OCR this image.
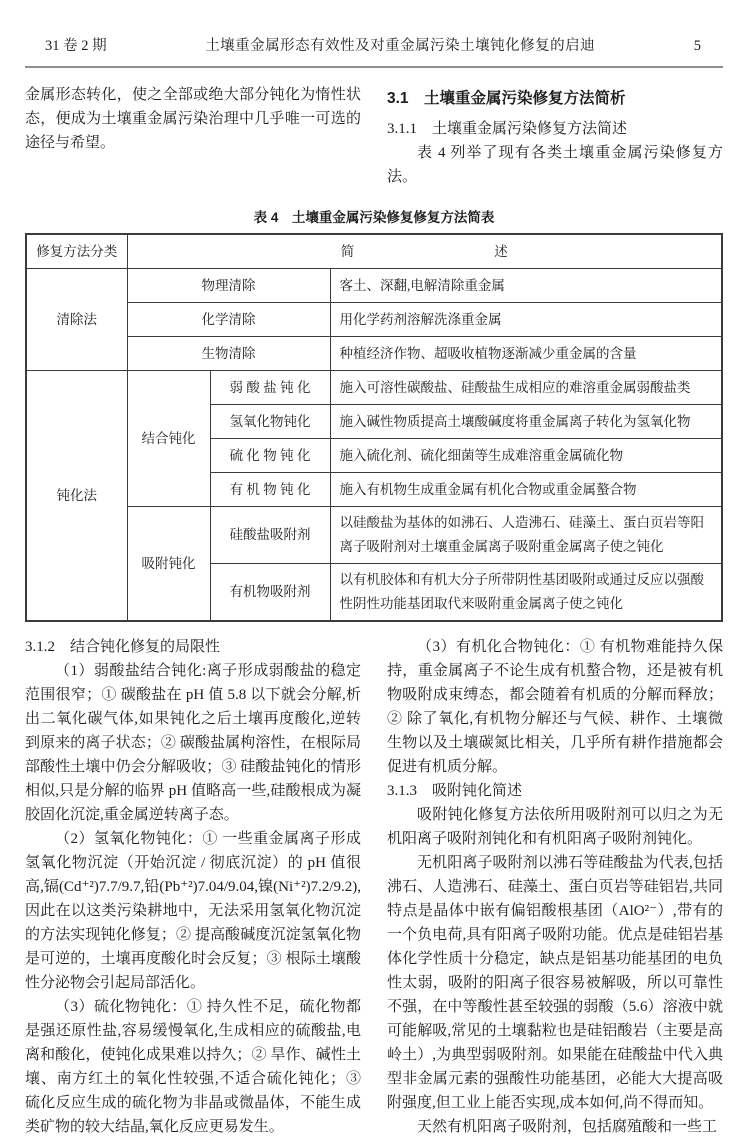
31 卷 2 期	土壤重金属形态有效性及对重金属污染土壤钝化修复的启迪	5

金属形态转化，使之全部或绝大部分钝化为惰性状态，便成为土壤重金属污染治理中几乎唯一可选的途径与希望。

3.1　土壤重金属污染修复方法简析
3.1.1　土壤重金属污染修复方法简述

表 4 列举了现有各类土壤重金属污染修复方法。

表 4　土壤重金属污染修复修复方法简表
修复方法分类	简 述		

清除法	物理清除		客土、深翻,电解清除重金属
	化学清除		用化学药剂溶解洗涤重金属
	生物清除		种植经济作物、超吸收植物逐渐减少重金属的含量
钝化法	结合钝化	弱 酸 盐 钝 化	施入可溶性碳酸盐、硅酸盐生成相应的难溶重金属弱酸盐类
		氢氧化物钝化	施入碱性物质提高土壤酸碱度将重金属离子转化为氢氧化物
		硫 化 物 钝 化	施入硫化剂、硫化细菌等生成难溶重金属硫化物
		有 机 物 钝 化	施入有机物生成重金属有机化合物或重金属螯合物
	吸附钝化	硅酸盐吸附剂	以硅酸盐为基体的如沸石、人造沸石、硅藻土、蛋白页岩等阳离子吸附剂对土壤重金属离子吸附重金属离子使之钝化
		有机物吸附剂	以有机胶体和有机大分子所带阴性基团吸附或通过反应以强酸性阴性功能基团取代来吸附重金属离子使之钝化
3.1.2　结合钝化修复的局限性

（1）弱酸盐结合钝化:离子形成弱酸盐的稳定范围很窄；① 碳酸盐在 pH 值 5.8 以下就会分解,析出二氧化碳气体,如果钝化之后土壤再度酸化,逆转到原来的离子状态；② 碳酸盐属枸溶性，在根际局部酸性土壤中仍会分解吸收；③ 硅酸盐钝化的情形相似,只是分解的临界 pH 值略高一些,硅酸根成为凝胶固化沉淀,重金属逆转离子态。

（2）氢氧化物钝化：① 一些重金属离子形成氢氧化物沉淀（开始沉淀 / 彻底沉淀）的 pH 值很高,镉(Cd⁺²)7.7/9.7,铅(Pb⁺²)7.04/9.04,镍(Ni⁺²)7.2/9.2),因此在以这类污染耕地中，无法采用氢氧化物沉淀的方法实现钝化修复；② 提高酸碱度沉淀氢氧化物是可逆的，土壤再度酸化时会反复；③ 根际土壤酸性分泌物会引起局部活化。

（3）硫化物钝化：① 持久性不足，硫化物都是强还原性盐,容易缓慢氧化,生成相应的硫酸盐,电离和酸化，使钝化成果难以持久；② 旱作、碱性土壤、南方红土的氧化性较强,不适合硫化钝化；③ 硫化反应生成的硫化物为非晶或微晶体，不能生成类矿物的较大结晶,氧化反应更易发生。

（3）有机化合物钝化：① 有机物难能持久保持，重金属离子不论生成有机螯合物，还是被有机物吸附成束缚态，都会随着有机质的分解而释放；② 除了氧化,有机物分解还与气候、耕作、土壤微生物以及土壤碳氮比相关，几乎所有耕作措施都会促进有机质分解。

3.1.3　吸附钝化简述

吸附钝化修复方法依所用吸附剂可以归之为无机阳离子吸附剂钝化和有机阳离子吸附剂钝化。

无机阳离子吸附剂以沸石等硅酸盐为代表,包括沸石、人造沸石、硅藻土、蛋白页岩等硅铝岩,共同特点是晶体中嵌有偏铝酸根基团（AlO²⁻）,带有的一个负电荷,具有阳离子吸附功能。优点是硅铝岩基体化学性质十分稳定，缺点是铝基功能基团的电负性太弱，吸附的阳离子很容易被解吸，所以可靠性不强，在中等酸性甚至较强的弱酸（5.6）溶液中就可能解吸,常见的土壤黏粒也是硅铝酸岩（主要是高岭土）,为典型弱吸附剂。如果能在硅酸盐中代入典型非金属元素的强酸性功能基团，必能大大提高吸附强度,但工业上能否实现,成本如何,尚不得而知。

天然有机阳离子吸附剂，包括腐殖酸和一些工
